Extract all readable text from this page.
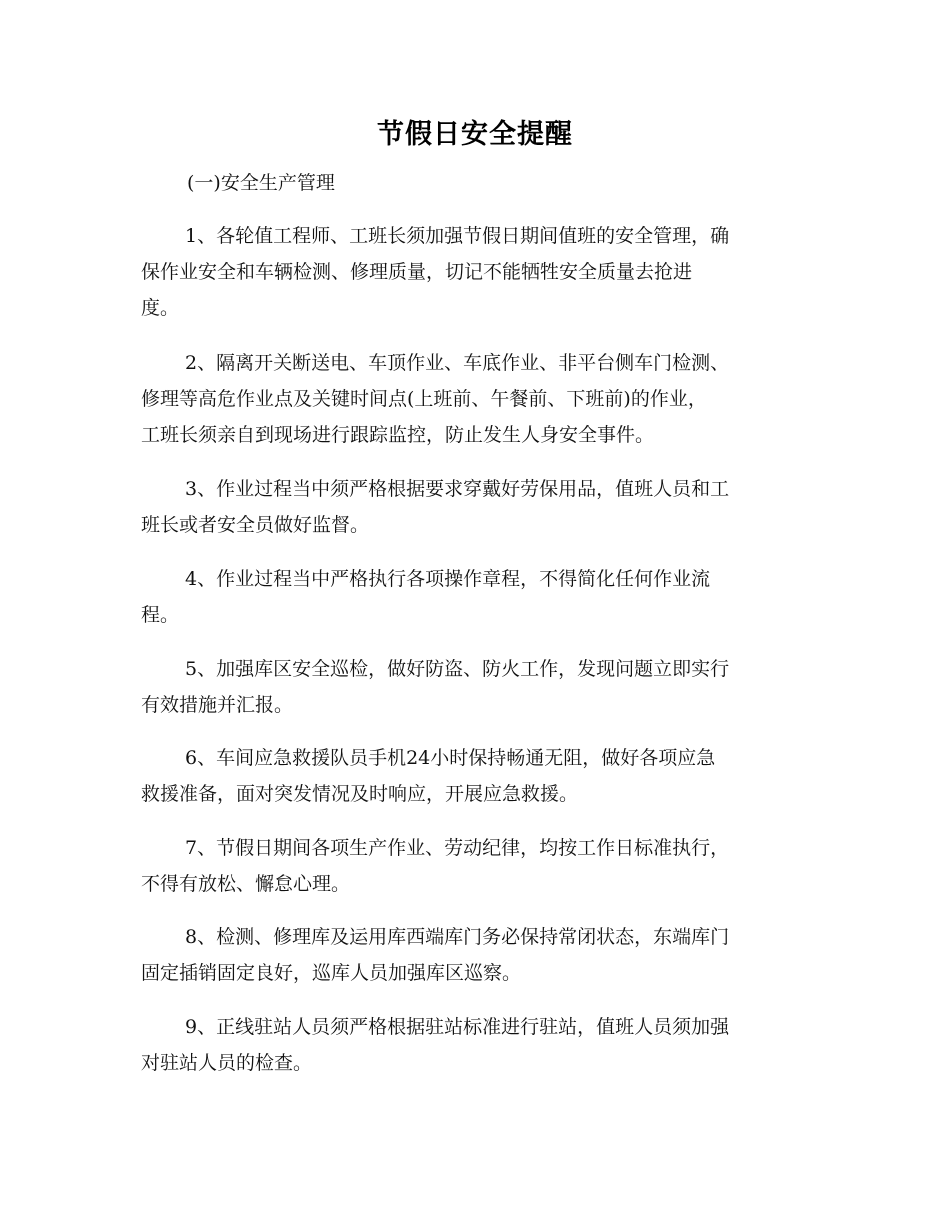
节假日安全提醒
(一)安全生产管理
1、各轮值工程师、工班长须加强节假日期间值班的安全管理，确
保作业安全和车辆检测、修理质量，切记不能牺牲安全质量去抢进
度。
2、隔离开关断送电、车顶作业、车底作业、非平台侧车门检测、
修理等高危作业点及关键时间点(上班前、午餐前、下班前)的作业，
工班长须亲自到现场进行跟踪监控，防止发生人身安全事件。
3、作业过程当中须严格根据要求穿戴好劳保用品，值班人员和工
班长或者安全员做好监督。
4、作业过程当中严格执行各项操作章程，不得简化任何作业流
程。
5、加强库区安全巡检，做好防盗、防火工作，发现问题立即实行
有效措施并汇报。
6、车间应急救援队员手机24小时保持畅通无阻，做好各项应急
救援准备，面对突发情况及时响应，开展应急救援。
7、节假日期间各项生产作业、劳动纪律，均按工作日标准执行，
不得有放松、懈怠心理。
8、检测、修理库及运用库西端库门务必保持常闭状态，东端库门
固定插销固定良好，巡库人员加强库区巡察。
9、正线驻站人员须严格根据驻站标准进行驻站，值班人员须加强
对驻站人员的检查。
